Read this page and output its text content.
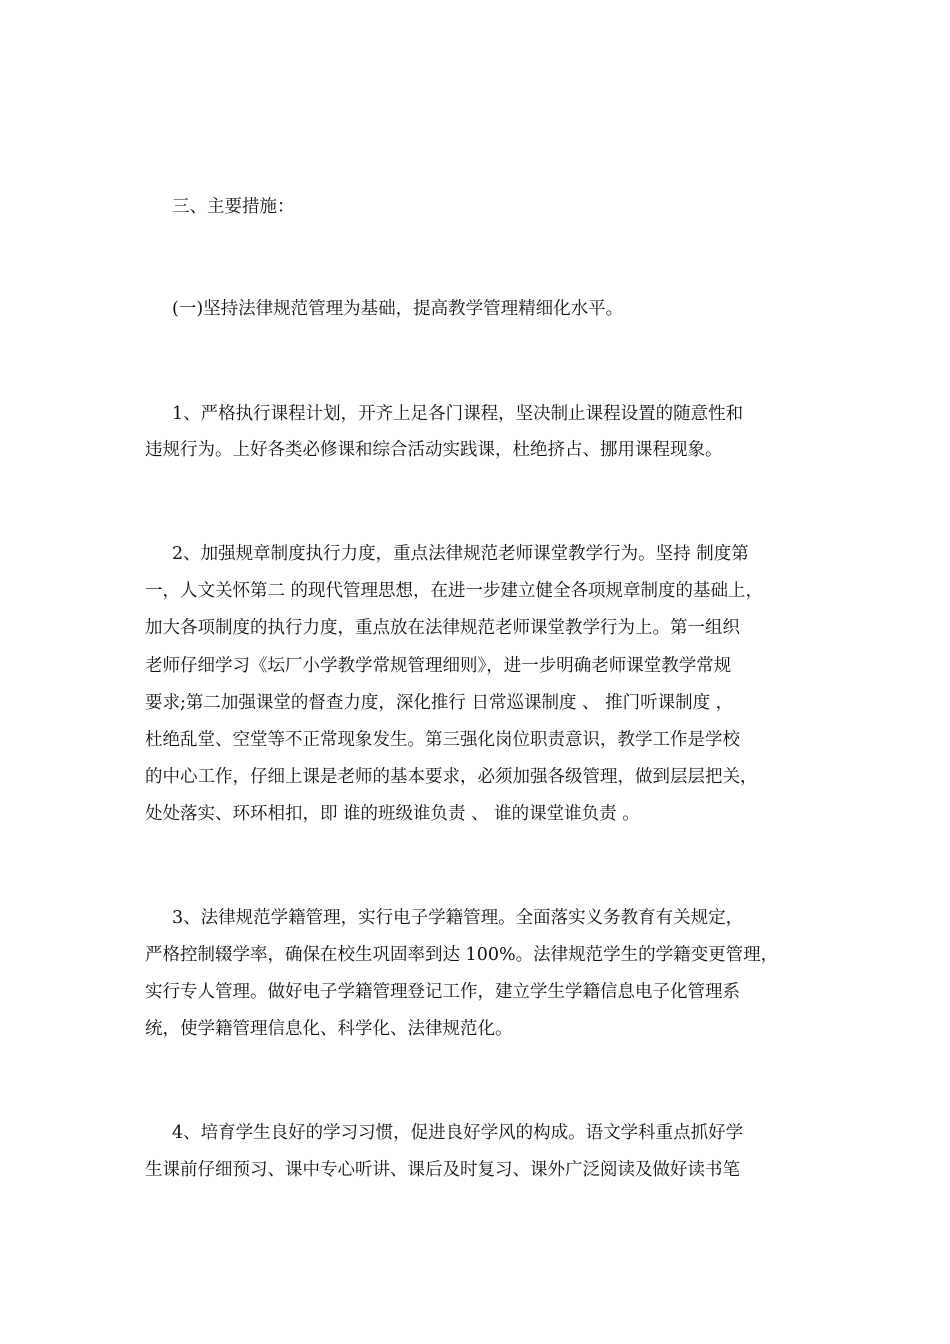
三、主要措施：
(一)坚持法律规范管理为基础，提高教学管理精细化水平。
1、严格执行课程计划，开齐上足各门课程，坚决制止课程设置的随意性和
违规行为。上好各类必修课和综合活动实践课，杜绝挤占、挪用课程现象。
2、加强规章制度执行力度，重点法律规范老师课堂教学行为。坚持 制度第
一，人文关怀第二 的现代管理思想，在进一步建立健全各项规章制度的基础上，
加大各项制度的执行力度，重点放在法律规范老师课堂教学行为上。第一组织
老师仔细学习《坛厂小学教学常规管理细则》，进一步明确老师课堂教学常规
要求;第二加强课堂的督查力度，深化推行 日常巡课制度 、 推门听课制度 ，
杜绝乱堂、空堂等不正常现象发生。第三强化岗位职责意识，教学工作是学校
的中心工作，仔细上课是老师的基本要求，必须加强各级管理，做到层层把关，
处处落实、环环相扣，即 谁的班级谁负责 、 谁的课堂谁负责 。
3、法律规范学籍管理，实行电子学籍管理。全面落实义务教育有关规定，
严格控制辍学率，确保在校生巩固率到达 100%。法律规范学生的学籍变更管理，
实行专人管理。做好电子学籍管理登记工作，建立学生学籍信息电子化管理系
统，使学籍管理信息化、科学化、法律规范化。
4、培育学生良好的学习习惯，促进良好学风的构成。语文学科重点抓好学
生课前仔细预习、课中专心听讲、课后及时复习、课外广泛阅读及做好读书笔
